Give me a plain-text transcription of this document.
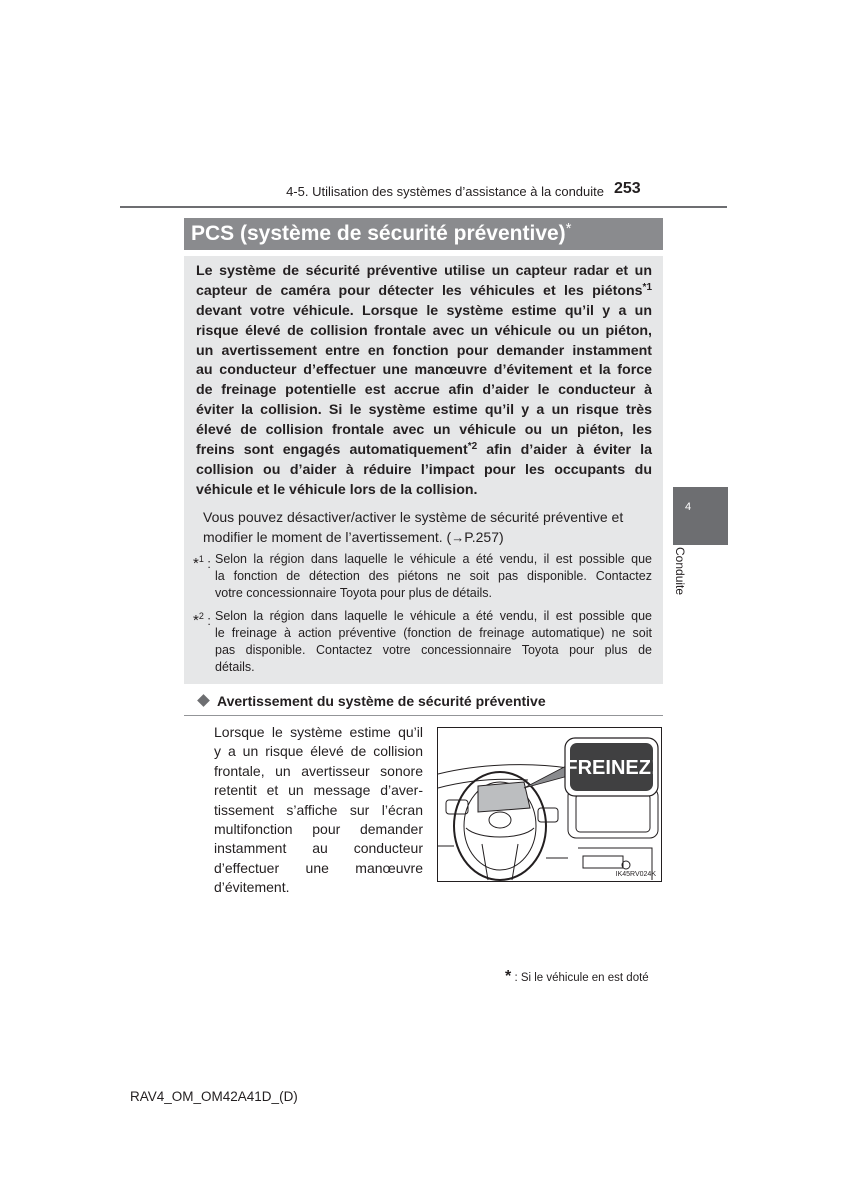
4-5. Utilisation des systèmes d’assistance à la conduite 253
PCS (système de sécurité préventive)*
Le système de sécurité préventive utilise un capteur radar et un
capteur de caméra pour détecter les véhicules et les piétons$^{*1}$
devant votre véhicule. Lorsque le système estime qu’il y a un
risque élevé de collision frontale avec un véhicule ou un piéton,
un avertissement entre en fonction pour demander instamment
au conducteur d’effectuer une manœuvre d’évitement et la force
de freinage potentielle est accrue afin d’aider le conducteur à
éviter la collision. Si le système estime qu’il y a un risque très
élevé de collision frontale avec un véhicule ou un piéton, les
freins sont engagés automatiquement$^{*2}$ afin d’aider à éviter la
collision ou d’aider à réduire l’impact pour les occupants du
véhicule et le véhicule lors de la collision.
Vous pouvez désactiver/activer le système de sécurité préventive et
modifier le moment de l’avertissement. (→P.257)
*$^1$ : Selon la région dans laquelle le véhicule a été vendu, il est possible que
la fonction de détection des piétons ne soit pas disponible. Contactez
votre concessionnaire Toyota pour plus de détails.
*$^2$ : Selon la région dans laquelle le véhicule a été vendu, il est possible que
le freinage à action préventive (fonction de freinage automatique) ne soit
pas disponible. Contactez votre concessionnaire Toyota pour plus de
détails.
Avertissement du système de sécurité préventive
Lorsque le système estime qu’il
y a un risque élevé de collision
frontale, un avertisseur sonore
retentit et un message d’aver-
tissement s’affiche sur l’écran
multifonction pour demander
instamment au conducteur
d’effectuer une manœuvre
d’évitement.
FREINEZ!
IK45RV024K
4
Conduite
* : Si le véhicule en est doté
RAV4_OM_OM42A41D_(D)
